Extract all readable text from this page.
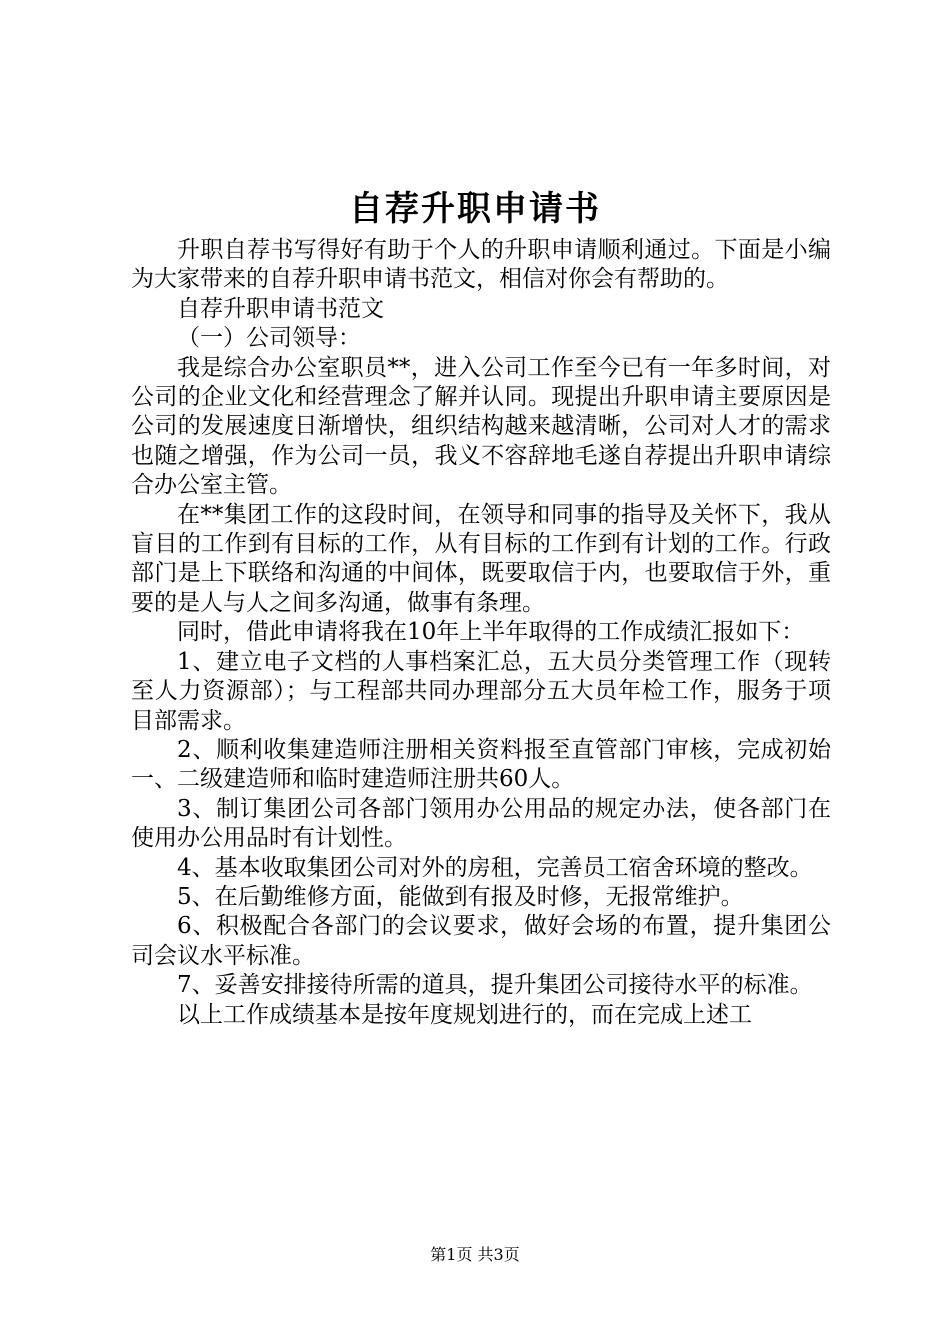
自荐升职申请书

升职自荐书写得好有助于个人的升职申请顺利通过。下面是小编为大家带来的自荐升职申请书范文，相信对你会有帮助的。

自荐升职申请书范文

（一）公司领导：

我是综合办公室职员**，进入公司工作至今已有一年多时间，对公司的企业文化和经营理念了解并认同。现提出升职申请主要原因是公司的发展速度日渐增快，组织结构越来越清晰，公司对人才的需求也随之增强，作为公司一员，我义不容辞地毛遂自荐提出升职申请综合办公室主管。

在**集团工作的这段时间，在领导和同事的指导及关怀下，我从盲目的工作到有目标的工作，从有目标的工作到有计划的工作。行政部门是上下联络和沟通的中间体，既要取信于内，也要取信于外，重要的是人与人之间多沟通，做事有条理。

同时，借此申请将我在10年上半年取得的工作成绩汇报如下：

1、建立电子文档的人事档案汇总，五大员分类管理工作（现转至人力资源部）；与工程部共同办理部分五大员年检工作，服务于项目部需求。

2、顺利收集建造师注册相关资料报至直管部门审核，完成初始一、二级建造师和临时建造师注册共60人。

3、制订集团公司各部门领用办公用品的规定办法，使各部门在使用办公用品时有计划性。

4、基本收取集团公司对外的房租，完善员工宿舍环境的整改。

5、在后勤维修方面，能做到有报及时修，无报常维护。

6、积极配合各部门的会议要求，做好会场的布置，提升集团公司会议水平标准。

7、妥善安排接待所需的道具，提升集团公司接待水平的标准。

以上工作成绩基本是按年度规划进行的，而在完成上述工

第1页 共3页
